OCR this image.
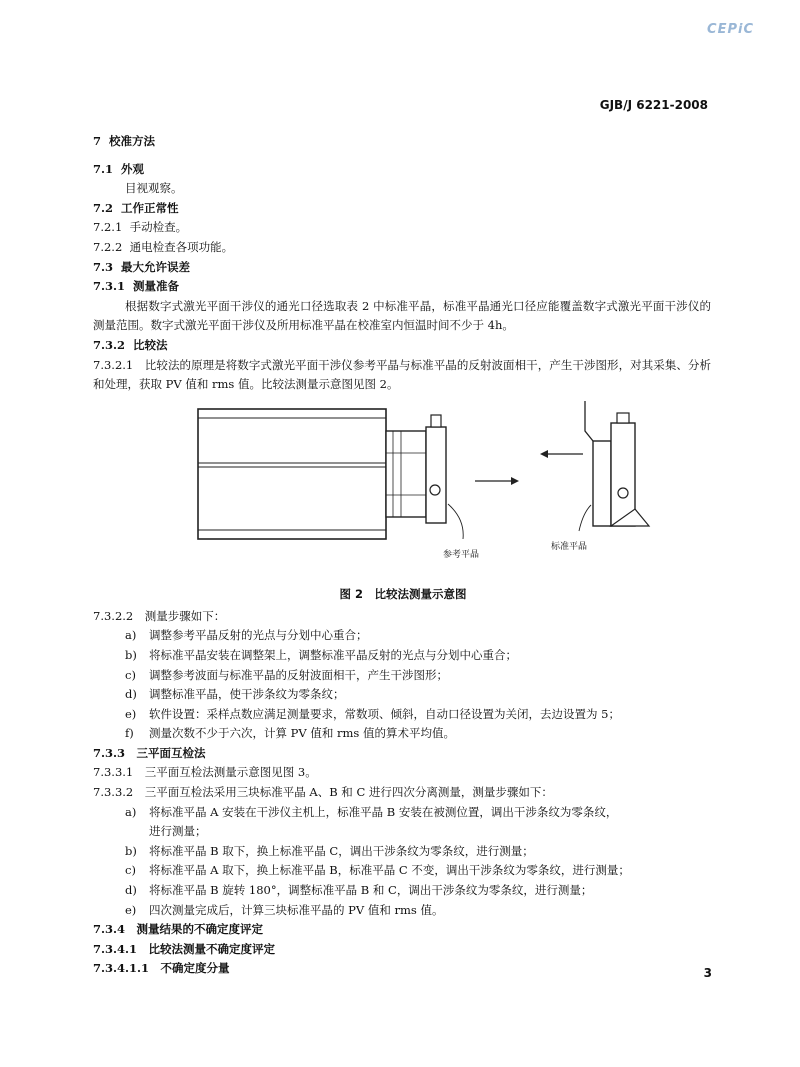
CEPiC
GJB/J 6221-2008
7 校准方法
7.1 外观
目视观察。
7.2 工作正常性
7.2.1 手动检查。
7.2.2 通电检查各项功能。
7.3 最大允许误差
7.3.1 测量准备
根据数字式激光平面干涉仪的通光口径选取表 2 中标准平晶，标准平晶通光口径应能覆盖数字式激光平面干涉仪的测量范围。数字式激光平面干涉仪及所用标准平晶在校准室内恒温时间不少于 4h。
7.3.2 比较法
7.3.2.1　比较法的原理是将数字式激光平面干涉仪参考平晶与标准平晶的反射波面相干，产生干涉图形，对其采集、分析和处理，获取 PV 值和 rms 值。比较法测量示意图见图 2。
参考平晶
标准平晶
图 2　比较法测量示意图
7.3.2.2　测量步骤如下：
a) 调整参考平晶反射的光点与分划中心重合；
b) 将标准平晶安装在调整架上，调整标准平晶反射的光点与分划中心重合；
c) 调整参考波面与标准平晶的反射波面相干，产生干涉图形；
d) 调整标准平晶，使干涉条纹为零条纹；
e) 软件设置：采样点数应满足测量要求，常数项、倾斜，自动口径设置为关闭，去边设置为 5；
f) 测量次数不少于六次，计算 PV 值和 rms 值的算术平均值。
7.3.3　三平面互检法
7.3.3.1　三平面互检法测量示意图见图 3。
7.3.3.2　三平面互检法采用三块标准平晶 A、B 和 C 进行四次分离测量，测量步骤如下：
a) 将标准平晶 A 安装在干涉仪主机上，标准平晶 B 安装在被测位置，调出干涉条纹为零条纹，
进行测量；
b) 将标准平晶 B 取下，换上标准平晶 C，调出干涉条纹为零条纹，进行测量；
c) 将标准平晶 A 取下，换上标准平晶 B，标准平晶 C 不变，调出干涉条纹为零条纹，进行测量；
d) 将标准平晶 B 旋转 180°，调整标准平晶 B 和 C，调出干涉条纹为零条纹，进行测量；
e) 四次测量完成后，计算三块标准平晶的 PV 值和 rms 值。
7.3.4　测量结果的不确定度评定
7.3.4.1　比较法测量不确定度评定
7.3.4.1.1　不确定度分量	3
